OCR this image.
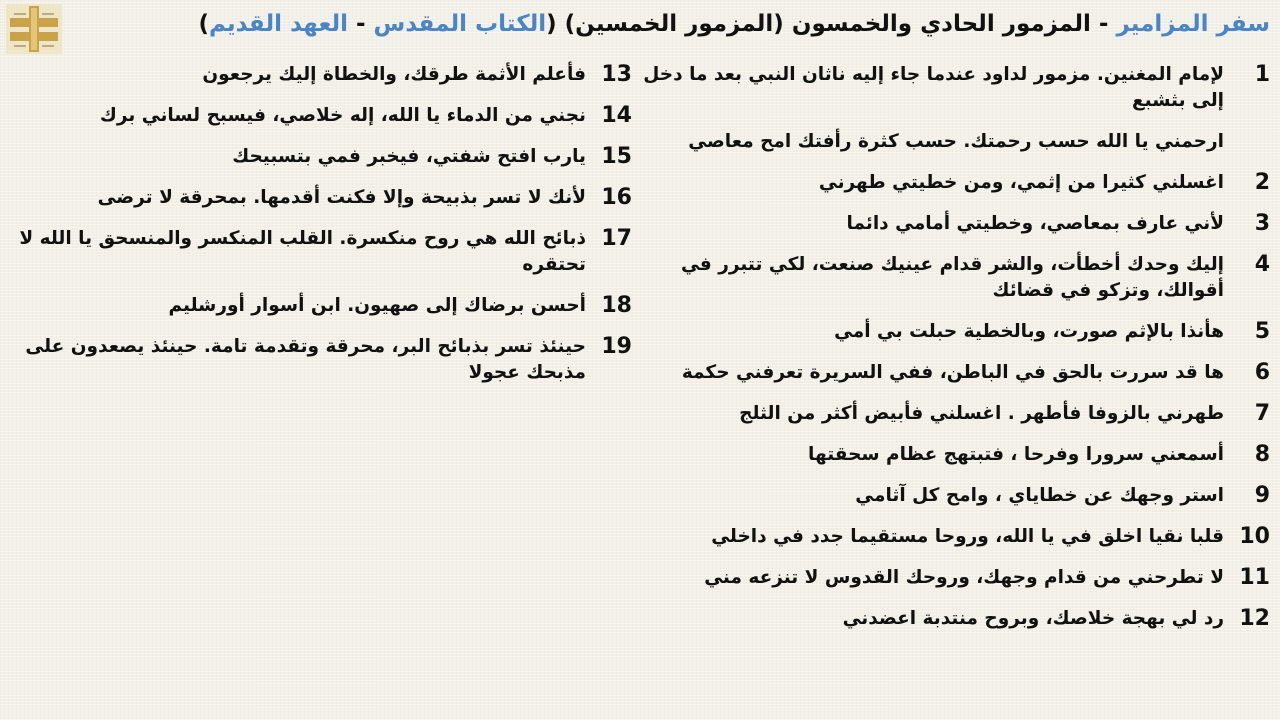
سفر المزامير - المزمور الحادي والخمسون (المزمور الخمسين) (الكتاب المقدس - العهد القديم)
1
لإمام المغنين. مزمور لداود عندما جاء إليه ناثان النبي بعد ما دخل إلى بثشبع
ارحمني يا الله حسب رحمتك. حسب كثرة رأفتك امح معاصي
2
اغسلني كثيرا من إثمي، ومن خطيتي طهرني
3
لأني عارف بمعاصي، وخطيتي أمامي دائما
4
إليك وحدك أخطأت، والشر قدام عينيك صنعت، لكي تتبرر في أقوالك، وتزكو في قضائك
5
هأنذا بالإثم صورت، وبالخطية حبلت بي أمي
6
ها قد سررت بالحق في الباطن، ففي السريرة تعرفني حكمة
7
طهرني بالزوفا فأطهر . اغسلني فأبيض أكثر من الثلج
8
أسمعني سرورا وفرحا ، فتبتهج عظام سحقتها
9
استر وجهك عن خطاياي ، وامح كل آثامي
10
قلبا نقيا اخلق في يا الله، وروحا مستقيما جدد في داخلي
11
لا تطرحني من قدام وجهك، وروحك القدوس لا تنزعه مني
12
رد لي بهجة خلاصك، وبروح منتدبة اعضدني
13
فأعلم الأثمة طرقك، والخطاة إليك يرجعون
14
نجني من الدماء يا الله، إله خلاصي، فيسبح لساني برك
15
يارب افتح شفتي، فيخبر فمي بتسبيحك
16
لأنك لا تسر بذبيحة وإلا فكنت أقدمها. بمحرقة لا ترضى
17
ذبائح الله هي روح منكسرة. القلب المنكسر والمنسحق يا الله لا تحتقره
18
أحسن برضاك إلى صهيون. ابن أسوار أورشليم
19
حينئذ تسر بذبائح البر، محرقة وتقدمة تامة. حينئذ يصعدون على مذبحك عجولا
